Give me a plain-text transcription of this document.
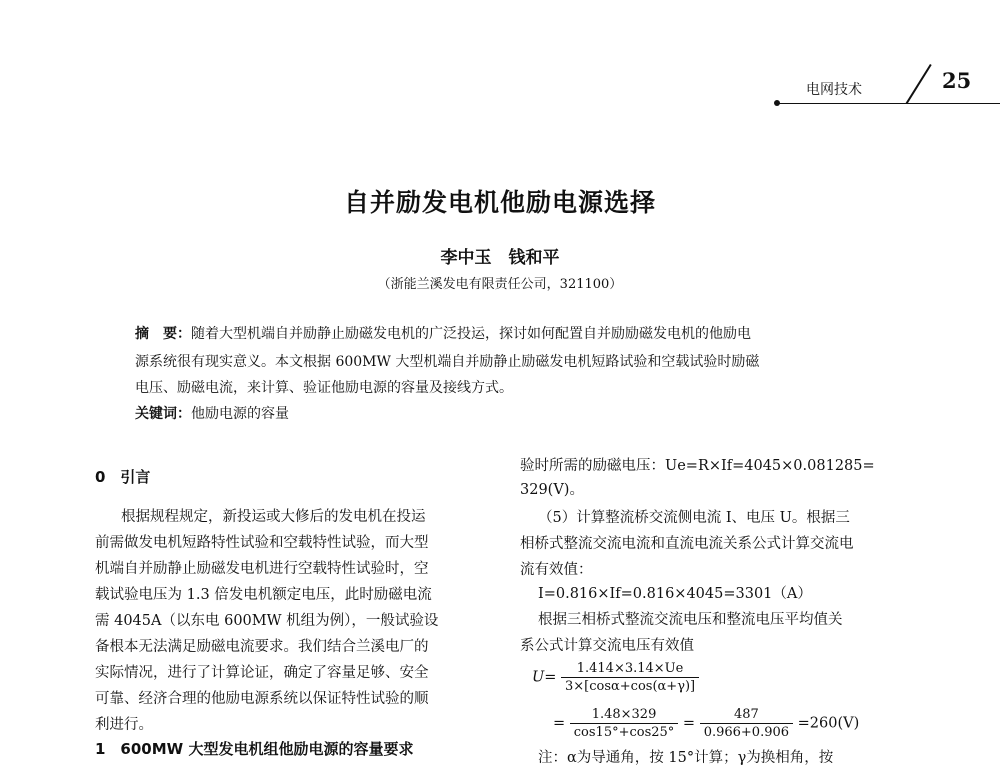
电网技术	25
自并励发电机他励电源选择
李中玉　钱和平
（浙能兰溪发电有限责任公司，321100）
摘　要：随着大型机端自并励静止励磁发电机的广泛投运，探讨如何配置自并励励磁发电机的他励电
源系统很有现实意义。本文根据 600MW 大型机端自并励静止励磁发电机短路试验和空载试验时励磁
电压、励磁电流，来计算、验证他励电源的容量及接线方式。
关键词：他励电源的容量
0　引言
根据规程规定，新投运或大修后的发电机在投运
前需做发电机短路特性试验和空载特性试验，而大型
机端自并励静止励磁发电机进行空载特性试验时，空
载试验电压为 1.3 倍发电机额定电压，此时励磁电流
需 4045A（以东电 600MW 机组为例），一般试验设
备根本无法满足励磁电流要求。我们结合兰溪电厂的
实际情况，进行了计算论证，确定了容量足够、安全
可靠、经济合理的他励电源系统以保证特性试验的顺
利进行。
1　600MW 大型发电机组他励电源的容量要求
验时所需的励磁电压：Ue=R×If=4045×0.081285=
329(V)。
（5）计算整流桥交流侧电流 I、电压 U。根据三
相桥式整流交流电流和直流电流关系公式计算交流电
流有效值：
I=0.816×If=0.816×4045=3301（A）
根据三相桥式整流交流电压和整流电压平均值关
系公式计算交流电压有效值
$U= \frac{1.414\times 3.14\times Ue}{3\times[\cos\alpha+\cos(\alpha+\gamma)]}$
= $\frac{1.48\times 329}{\cos 15^\circ+\cos 25^\circ} = \frac{487}{0.966+0.906} =260(V)$
注：α为导通角，按 15°计算；γ为换相角，按
